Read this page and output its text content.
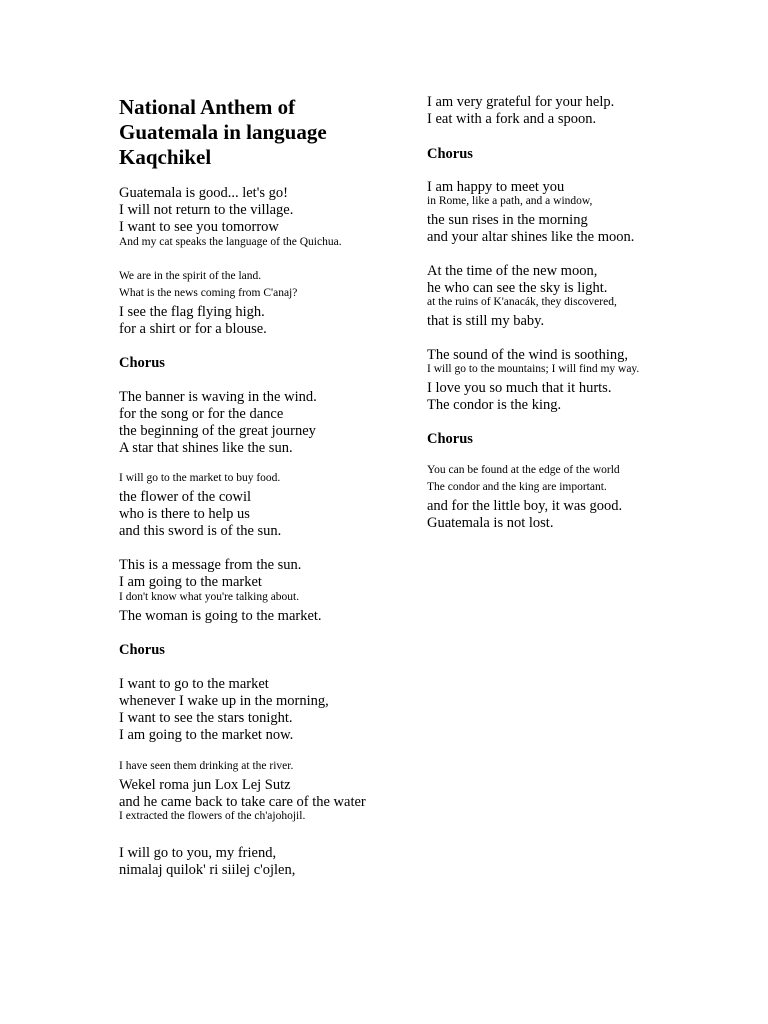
National Anthem of Guatemala in language Kaqchikel
Guatemala is good... let's go!
I will not return to the village.
I want to see you tomorrow
And my cat speaks the language of the Quichua.
We are in the spirit of the land.
What is the news coming from C'anaj?
I see the flag flying high.
for a shirt or for a blouse.
Chorus
The banner is waving in the wind.
for the song or for the dance
the beginning of the great journey
A star that shines like the sun.
I will go to the market to buy food.
the flower of the cowil
who is there to help us
and this sword is of the sun.
This is a message from the sun.
I am going to the market
I don't know what you're talking about.
The woman is going to the market.
Chorus
I want to go to the market
whenever I wake up in the morning,
I want to see the stars tonight.
I am going to the market now.
I have seen them drinking at the river.
Wekel roma jun Lox Lej Sutz
and he came back to take care of the water
I extracted the flowers of the ch'ajohojil.
I will go to you, my friend,
nimalaj quilok' ri siilej c'ojlen,
I am very grateful for your help.
I eat with a fork and a spoon.
Chorus
I am happy to meet you
in Rome, like a path, and a window,
the sun rises in the morning
and your altar shines like the moon.
At the time of the new moon,
he who can see the sky is light.
at the ruins of K'anacák, they discovered,
that is still my baby.
The sound of the wind is soothing,
I will go to the mountains; I will find my way.
I love you so much that it hurts.
The condor is the king.
Chorus
You can be found at the edge of the world
The condor and the king are important.
and for the little boy, it was good.
Guatemala is not lost.
